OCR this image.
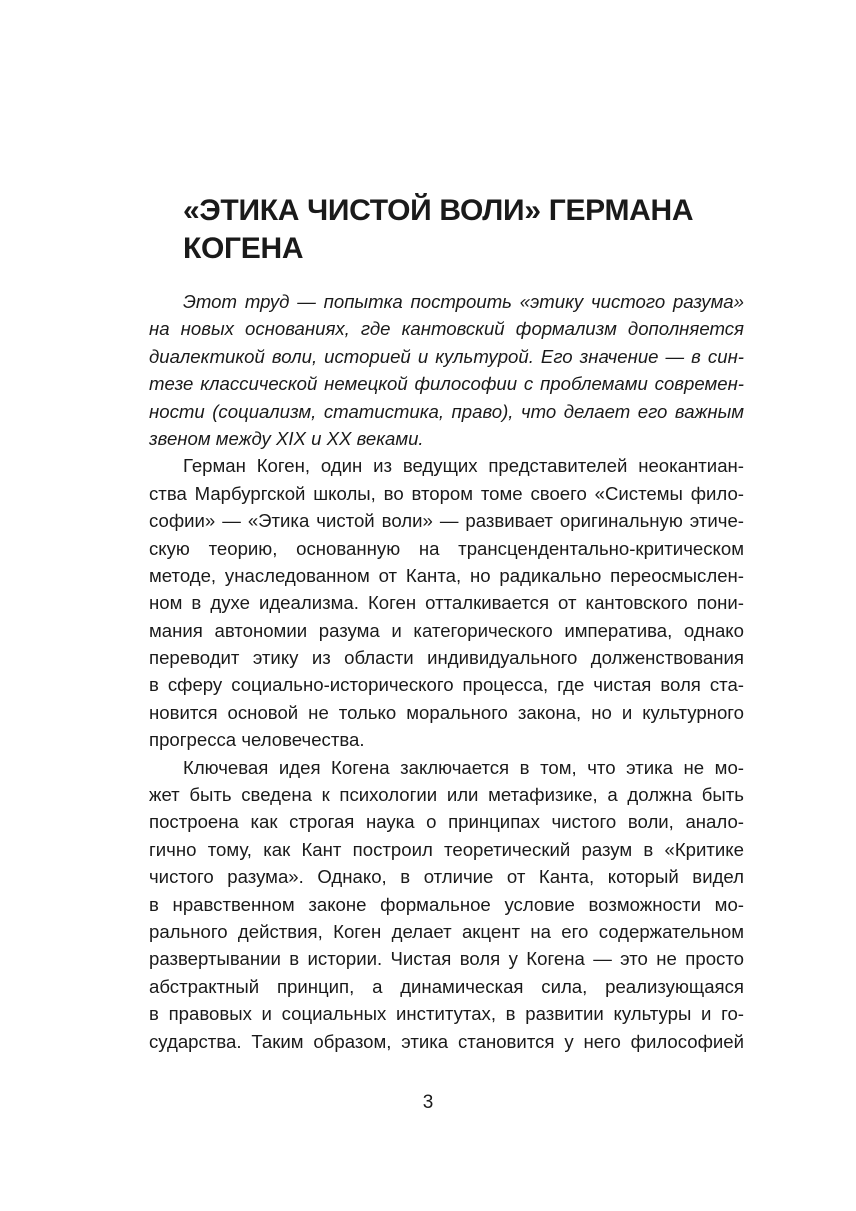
«ЭТИКА ЧИСТОЙ ВОЛИ» ГЕРМАНА
КОГЕНА
Этот труд — попытка построить «этику чистого разума»
на новых основаниях, где кантовский формализм дополняется
диалектикой воли, историей и культурой. Его значение — в син-
тезе классической немецкой философии с проблемами современ-
ности (социализм, статистика, право), что делает его важным
звеном между XIX и XX веками.
Герман Коген, один из ведущих представителей неокантиан-
ства Марбургской школы, во втором томе своего «Системы фило-
софии» — «Этика чистой воли» — развивает оригинальную этиче-
скую теорию, основанную на трансцендентально-критическом
методе, унаследованном от Канта, но радикально переосмыслен-
ном в духе идеализма. Коген отталкивается от кантовского пони-
мания автономии разума и категорического императива, однако
переводит этику из области индивидуального долженствования
в сферу социально-исторического процесса, где чистая воля ста-
новится основой не только морального закона, но и культурного
прогресса человечества.
Ключевая идея Когена заключается в том, что этика не мо-
жет быть сведена к психологии или метафизике, а должна быть
построена как строгая наука о принципах чистого воли, анало-
гично тому, как Кант построил теоретический разум в «Критике
чистого разума». Однако, в отличие от Канта, который видел
в нравственном законе формальное условие возможности мо-
рального действия, Коген делает акцент на его содержательном
развертывании в истории. Чистая воля у Когена — это не просто
абстрактный принцип, а динамическая сила, реализующаяся
в правовых и социальных институтах, в развитии культуры и го-
сударства. Таким образом, этика становится у него философией
3
